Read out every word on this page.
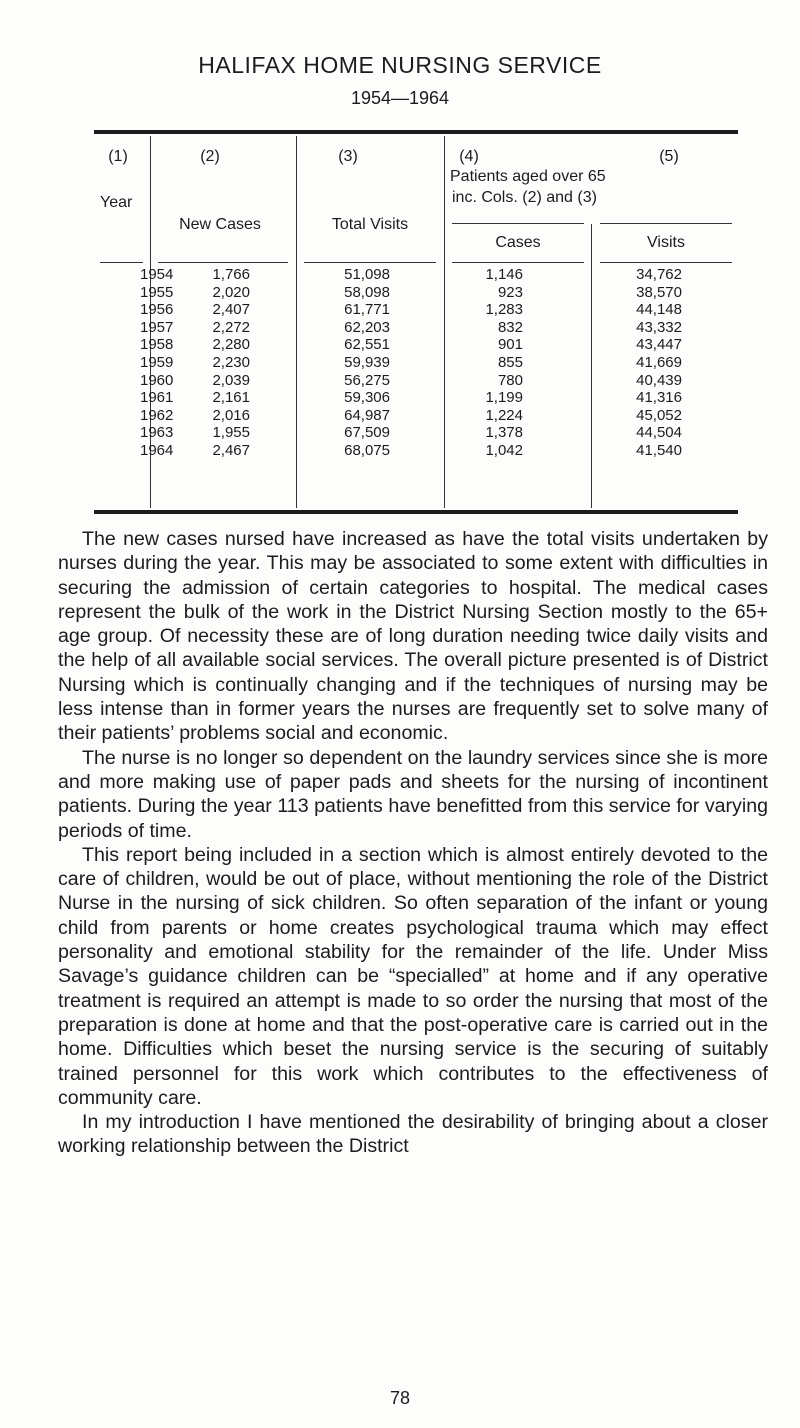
HALIFAX HOME NURSING SERVICE
1954—1964
(1)
Year
(2)
New Cases
(3)
Total Visits
(4)	(5)
Patients aged over 65
inc. Cols. (2) and (3)
Cases	Visits
1954
1955
1956
1957
1958
1959
1960
1961
1962
1963
1964
1,766
2,020
2,407
2,272
2,280
2,230
2,039
2,161
2,016
1,955
2,467
51,098
58,098
61,771
62,203
62,551
59,939
56,275
59,306
64,987
67,509
68,075
1,146
923
1,283
832
901
855
780
1,199
1,224
1,378
1,042
34,762
38,570
44,148
43,332
43,447
41,669
40,439
41,316
45,052
44,504
41,540

The new cases nursed have increased as have the total visits undertaken by nurses during the year. This may be associated to some extent with difficulties in securing the admission of certain categories to hospital. The medical cases represent the bulk of the work in the District Nursing Section mostly to the 65+ age group. Of necessity these are of long duration needing twice daily visits and the help of all available social services. The overall picture presented is of District Nursing which is continually changing and if the techniques of nursing may be less intense than in former years the nurses are frequently set to solve many of their patients’ problems social and economic.

The nurse is no longer so dependent on the laundry services since she is more and more making use of paper pads and sheets for the nursing of incontinent patients. During the year 113 patients have benefitted from this service for varying periods of time.

This report being included in a section which is almost entirely devoted to the care of children, would be out of place, without mentioning the role of the District Nurse in the nursing of sick children. So often separation of the infant or young child from parents or home creates psychological trauma which may effect personality and emotional stability for the remainder of the life. Under Miss Savage’s guidance children can be “specialled” at home and if any operative treatment is required an attempt is made to so order the nursing that most of the preparation is done at home and that the post-operative care is carried out in the home. Difficulties which beset the nursing service is the securing of suitably trained personnel for this work which contributes to the effectiveness of community care.

In my introduction I have mentioned the desirability of bringing about a closer working relationship between the District

78
